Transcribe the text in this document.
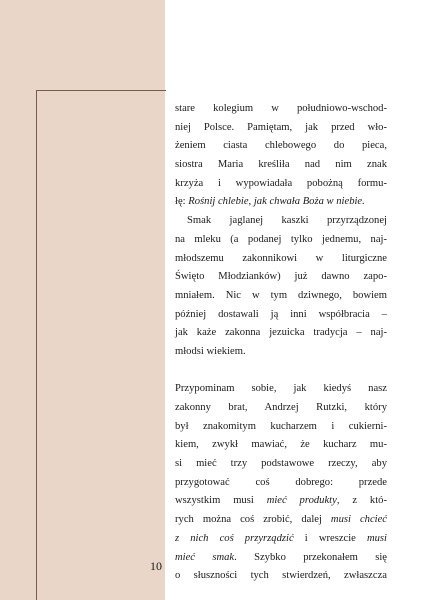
stare kolegium w południowo-wschod-
niej Polsce. Pamiętam, jak przed wło-
żeniem ciasta chlebowego do pieca,
siostra Maria kreśliła nad nim znak
krzyża i wypowiadała pobożną formu-
łę: Rośnij chlebie, jak chwała Boża w niebie.
Smak jaglanej kaszki przyrządzonej
na mleku (a podanej tylko jednemu, naj-
młodszemu zakonnikowi w liturgiczne
Święto Młodzianków) już dawno zapo-
mniałem. Nic w tym dziwnego, bowiem
później dostawali ją inni współbracia –
jak każe zakonna jezuicka tradycja – naj-
młodsi wiekiem.
Przypominam sobie, jak kiedyś nasz
zakonny brat, Andrzej Rutzki, który
był znakomitym kucharzem i cukierni-
kiem, zwykł mawiać, że kucharz mu-
si mieć trzy podstawowe rzeczy, aby
przygotować coś dobrego: przede
wszystkim musi mieć produkty, z któ-
rych można coś zrobić, dalej musi chcieć
z nich coś przyrządzić i wreszcie musi
mieć smak. Szybko przekonałem się
o słuszności tych stwierdzeń, zwłaszcza
10
